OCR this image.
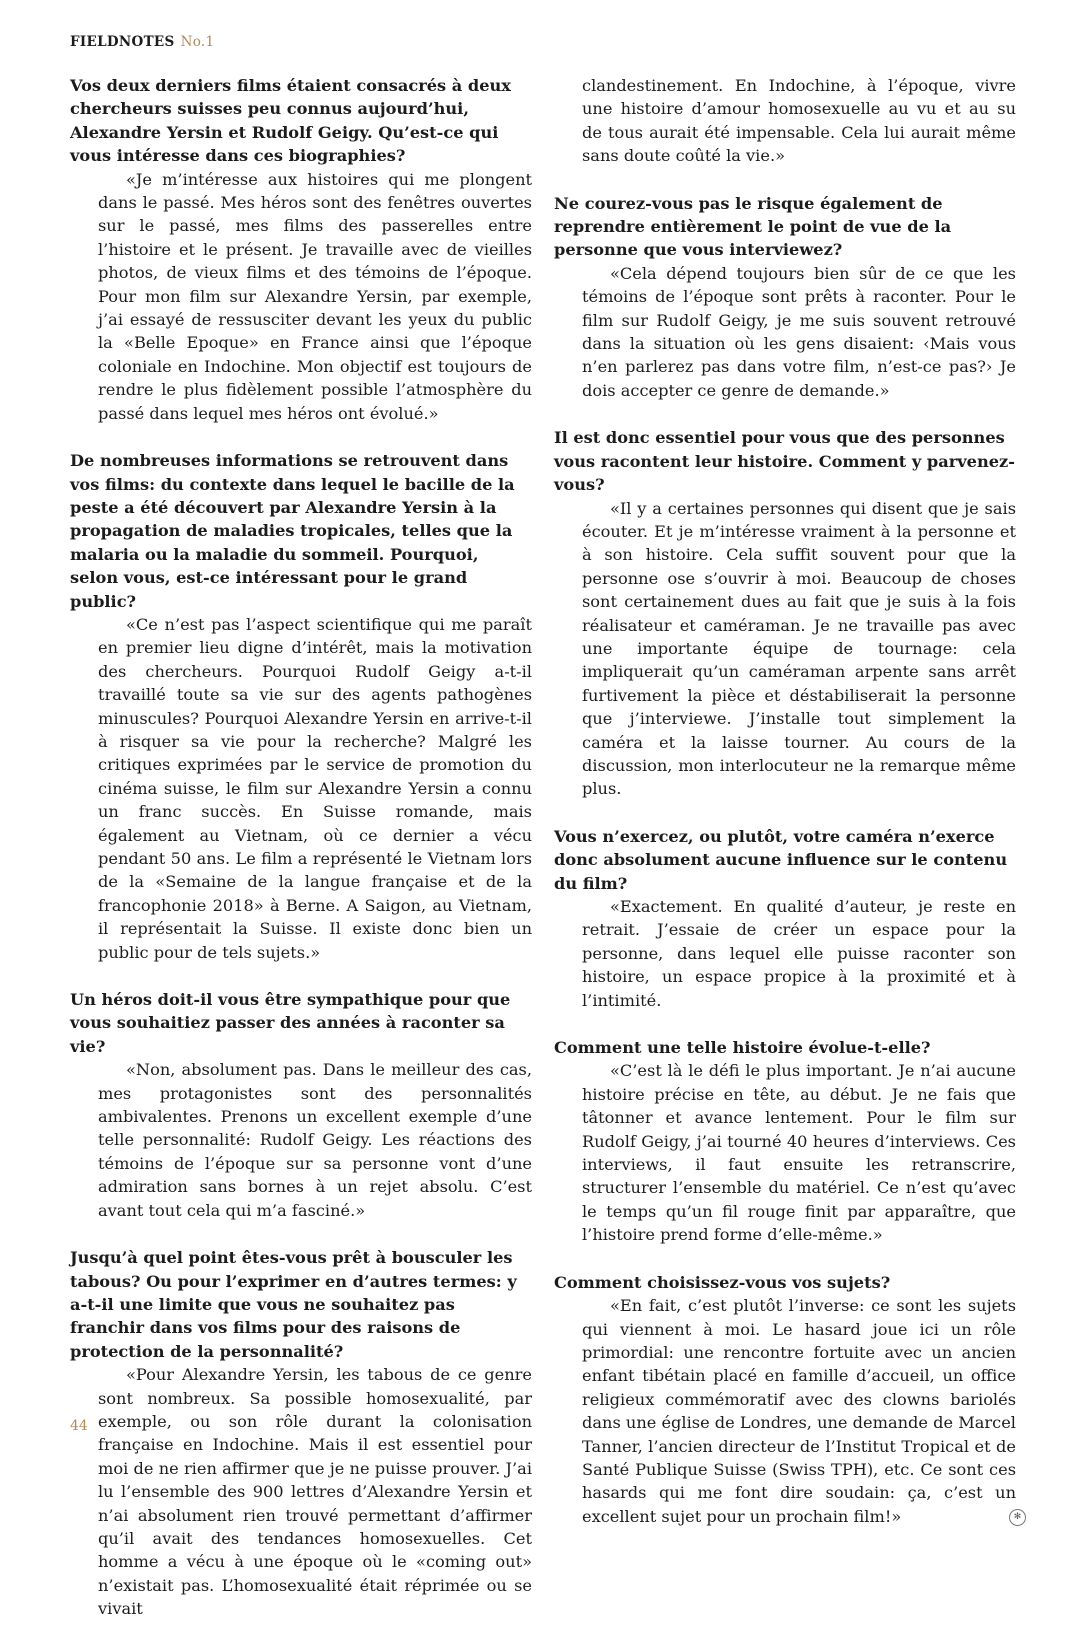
FIELDNOTES No.1

Vos deux derniers films étaient consacrés à deux chercheurs suisses peu connus aujourd’hui, Alexandre Yersin et Rudolf Geigy. Qu’est-ce qui vous intéresse dans ces biographies?

«Je m’intéresse aux histoires qui me plongent dans le passé. Mes héros sont des fenêtres ouvertes sur le passé, mes films des passerelles entre l’histoire et le présent. Je travaille avec de vieilles photos, de vieux films et des témoins de l’époque. Pour mon film sur Alexandre Yersin, par exemple, j’ai essayé de ressusciter devant les yeux du public la «Belle Epoque» en France ainsi que l’époque coloniale en Indochine. Mon objectif est toujours de rendre le plus fidèlement possible l’atmosphère du passé dans lequel mes héros ont évolué.»

De nombreuses informations se retrouvent dans vos films: du contexte dans lequel le bacille de la peste a été découvert par Alexandre Yersin à la propagation de maladies tropicales, telles que la malaria ou la maladie du sommeil. Pourquoi, selon vous, est-ce intéressant pour le grand public?

«Ce n’est pas l’aspect scientifique qui me paraît en premier lieu digne d’intérêt, mais la motivation des chercheurs. Pourquoi Rudolf Geigy a-t-il travaillé toute sa vie sur des agents pathogènes minuscules? Pourquoi Alexandre Yersin en arrive-t-il à risquer sa vie pour la recherche? Malgré les critiques exprimées par le service de promotion du cinéma suisse, le film sur Alexandre Yersin a connu un franc succès. En Suisse romande, mais également au Vietnam, où ce dernier a vécu pendant 50 ans. Le film a représenté le Vietnam lors de la «Semaine de la langue française et de la francophonie 2018» à Berne. A Saigon, au Vietnam, il représentait la Suisse. Il existe donc bien un public pour de tels sujets.»

Un héros doit-il vous être sympathique pour que vous souhaitiez passer des années à raconter sa vie?

«Non, absolument pas. Dans le meilleur des cas, mes protagonistes sont des personnalités ambivalentes. Prenons un excellent exemple d’une telle personnalité: Rudolf Geigy. Les réactions des témoins de l’époque sur sa personne vont d’une admiration sans bornes à un rejet absolu. C’est avant tout cela qui m’a fasciné.»

Jusqu’à quel point êtes-vous prêt à bousculer les tabous? Ou pour l’exprimer en d’autres termes: y a-t-il une limite que vous ne souhaitez pas franchir dans vos films pour des raisons de protection de la personnalité?

«Pour Alexandre Yersin, les tabous de ce genre sont nombreux. Sa possible homosexualité, par exemple, ou son rôle durant la colonisation française en Indochine. Mais il est essentiel pour moi de ne rien affirmer que je ne puisse prouver. J’ai lu l’ensemble des 900 lettres d’Alexandre Yersin et n’ai absolument rien trouvé permettant d’affirmer qu’il avait des tendances homosexuelles. Cet homme a vécu à une époque où le «coming out» n’existait pas. L’homosexualité était réprimée ou se vivait

clandestinement. En Indochine, à l’époque, vivre une histoire d’amour homosexuelle au vu et au su de tous aurait été impensable. Cela lui aurait même sans doute coûté la vie.»

Ne courez-vous pas le risque également de reprendre entièrement le point de vue de la personne que vous interviewez?

«Cela dépend toujours bien sûr de ce que les témoins de l’époque sont prêts à raconter. Pour le film sur Rudolf Geigy, je me suis souvent retrouvé dans la situation où les gens disaient: ‹Mais vous n’en parlerez pas dans votre film, n’est-ce pas?› Je dois accepter ce genre de demande.»

Il est donc essentiel pour vous que des personnes vous racontent leur histoire. Comment y parvenez-vous?

«Il y a certaines personnes qui disent que je sais écouter. Et je m’intéresse vraiment à la personne et à son histoire. Cela suffit souvent pour que la personne ose s’ouvrir à moi. Beaucoup de choses sont certainement dues au fait que je suis à la fois réalisateur et caméraman. Je ne travaille pas avec une importante équipe de tournage: cela impliquerait qu’un caméraman arpente sans arrêt furtivement la pièce et déstabiliserait la personne que j’interviewe. J’installe tout simplement la caméra et la laisse tourner. Au cours de la discussion, mon interlocuteur ne la remarque même plus.

Vous n’exercez, ou plutôt, votre caméra n’exerce donc absolument aucune influence sur le contenu du film?

«Exactement. En qualité d’auteur, je reste en retrait. J’essaie de créer un espace pour la personne, dans lequel elle puisse raconter son histoire, un espace propice à la proximité et à l’intimité.

Comment une telle histoire évolue-t-elle?

«C’est là le défi le plus important. Je n’ai aucune histoire précise en tête, au début. Je ne fais que tâtonner et avance lentement. Pour le film sur Rudolf Geigy, j’ai tourné 40 heures d’interviews. Ces interviews, il faut ensuite les retranscrire, structurer l’ensemble du matériel. Ce n’est qu’avec le temps qu’un fil rouge finit par apparaître, que l’histoire prend forme d’elle-même.»

Comment choisissez-vous vos sujets?

«En fait, c’est plutôt l’inverse: ce sont les sujets qui viennent à moi. Le hasard joue ici un rôle primordial: une rencontre fortuite avec un ancien enfant tibétain placé en famille d’accueil, un office religieux commémoratif avec des clowns bariolés dans une église de Londres, une demande de Marcel Tanner, l’ancien directeur de l’Institut Tropical et de Santé Publique Suisse (Swiss TPH), etc. Ce sont ces hasards qui me font dire soudain: ça, c’est un excellent sujet pour un prochain film!»	✻

44
